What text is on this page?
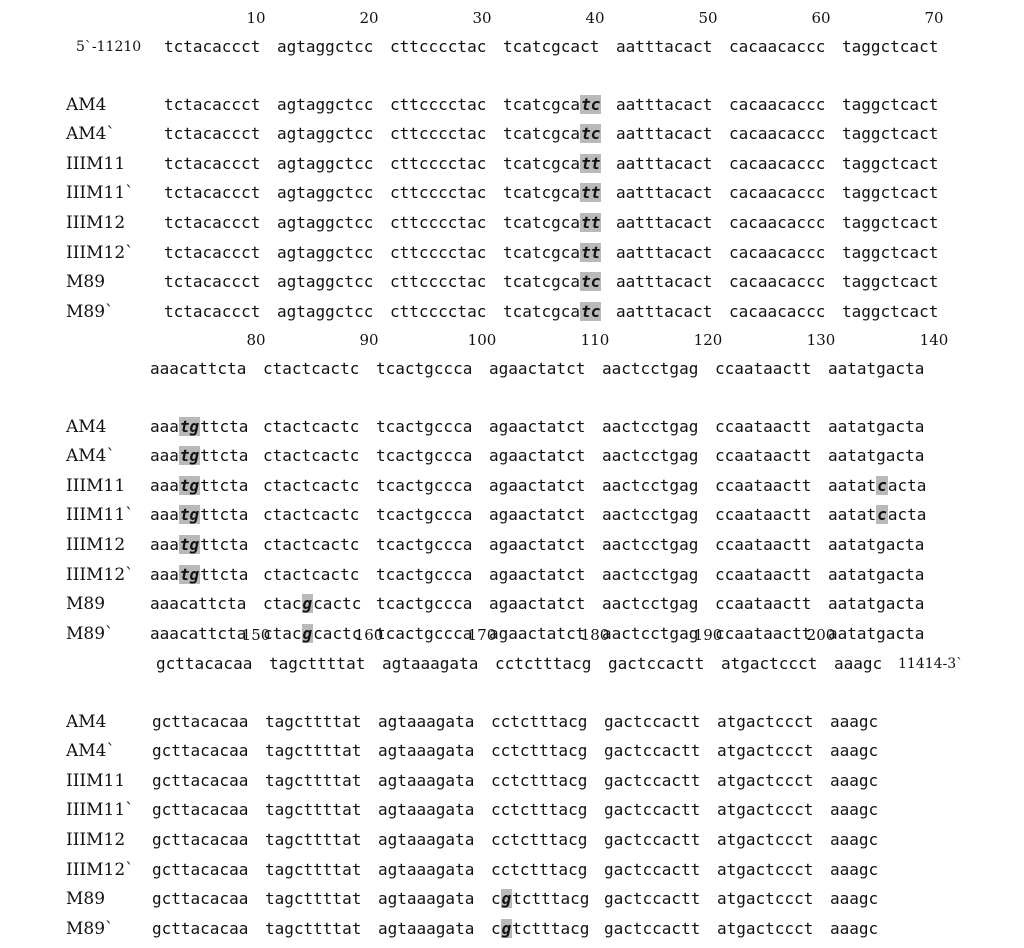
10	20	30	40	50	60	70
5`-11210 tctacaccct agtaggctcc cttcccctac tcatcgcact aatttacact cacaacaccc taggctcact
AM4	tctacaccct agtaggctcc cttcccctac tcatcgcatc aatttacact cacaacaccc taggctcact
AM4`	tctacaccct agtaggctcc cttcccctac tcatcgcatc aatttacact cacaacaccc taggctcact
IIIM11 tctacaccct agtaggctcc cttcccctac tcatcgcatt aatttacact cacaacaccc taggctcact
IIIM11` tctacaccct agtaggctcc cttcccctac tcatcgcatt aatttacact cacaacaccc taggctcact
IIIM12 tctacaccct agtaggctcc cttcccctac tcatcgcatt aatttacact cacaacaccc taggctcact
IIIM12` tctacaccct agtaggctcc cttcccctac tcatcgcatt aatttacact cacaacaccc taggctcact
M89	tctacaccct agtaggctcc cttcccctac tcatcgcatc aatttacact cacaacaccc taggctcact
M89`	tctacaccct agtaggctcc cttcccctac tcatcgcatc aatttacact cacaacaccc taggctcact
80	90	100	110	120	130	140
aaacattcta ctactcactc tcactgccca agaactatct aactcctgag ccaataactt aatatgacta
AM4	aaatgttcta ctactcactc tcactgccca agaactatct aactcctgag ccaataactt aatatgacta
AM4` aaatgttcta ctactcactc tcactgccca agaactatct aactcctgag ccaataactt aatatgacta
IIIM11 aaatgttcta ctactcactc tcactgccca agaactatct aactcctgag ccaataactt aatatcacta
IIIM11` aaatgttcta ctactcactc tcactgccca agaactatct aactcctgag ccaataactt aatatcacta
IIIM12 aaatgttcta ctactcactc tcactgccca agaactatct aactcctgag ccaataactt aatatgacta
IIIM12` aaatgttcta ctactcactc tcactgccca agaactatct aactcctgag ccaataactt aatatgacta
M89	aaacattcta ctacgcactc tcactgccca agaactatct aactcctgag ccaataactt aatatgacta
M89` aaacattcta ctacgcactc tcactgccca agaactatct aactcctgag ccaataactt aatatgacta
150	160	170	180	190	200
gcttacacaa tagcttttat agtaaagata cctctttacg gactccactt atgactccct aaagc 11414-3`
AM4	gcttacacaa tagcttttat agtaaagata cctctttacg gactccactt atgactccct aaagc
AM4` gcttacacaa tagcttttat agtaaagata cctctttacg gactccactt atgactccct aaagc
IIIM11 gcttacacaa tagcttttat agtaaagata cctctttacg gactccactt atgactccct aaagc
IIIM11` gcttacacaa tagcttttat agtaaagata cctctttacg gactccactt atgactccct aaagc
IIIM12 gcttacacaa tagcttttat agtaaagata cctctttacg gactccactt atgactccct aaagc
IIIM12` gcttacacaa tagcttttat agtaaagata cctctttacg gactccactt atgactccct aaagc
M89	gcttacacaa tagcttttat agtaaagata cgtctttacg gactccactt atgactccct aaagc
M89` gcttacacaa tagcttttat agtaaagata cgtctttacg gactccactt atgactccct aaagc
